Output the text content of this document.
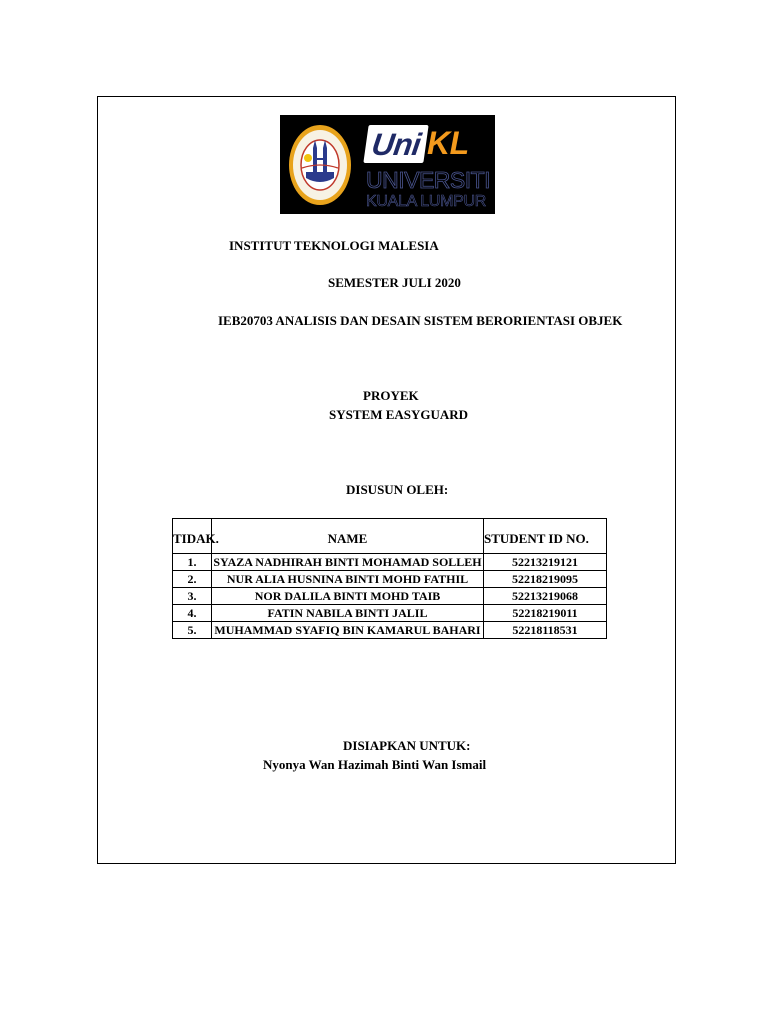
Uni KL
UNIVERSITI
KUALA LUMPUR
INSTITUT TEKNOLOGI MALESIA
SEMESTER JULI 2020
IEB20703 ANALISIS DAN DESAIN SISTEM BERORIENTASI OBJEK
PROYEK
SYSTEM EASYGUARD
DISUSUN OLEH:
TIDAK.	NAME	STUDENT ID NO.
1.	SYAZA NADHIRAH BINTI MOHAMAD SOLLEH	52213219121
2.	NUR ALIA HUSNINA BINTI MOHD FATHIL	52218219095
3.	NOR DALILA BINTI MOHD TAIB	52213219068
4.	FATIN NABILA BINTI JALIL	52218219011
5.	MUHAMMAD SYAFIQ BIN KAMARUL BAHARI	52218118531
DISIAPKAN UNTUK:
Nyonya Wan Hazimah Binti Wan Ismail
